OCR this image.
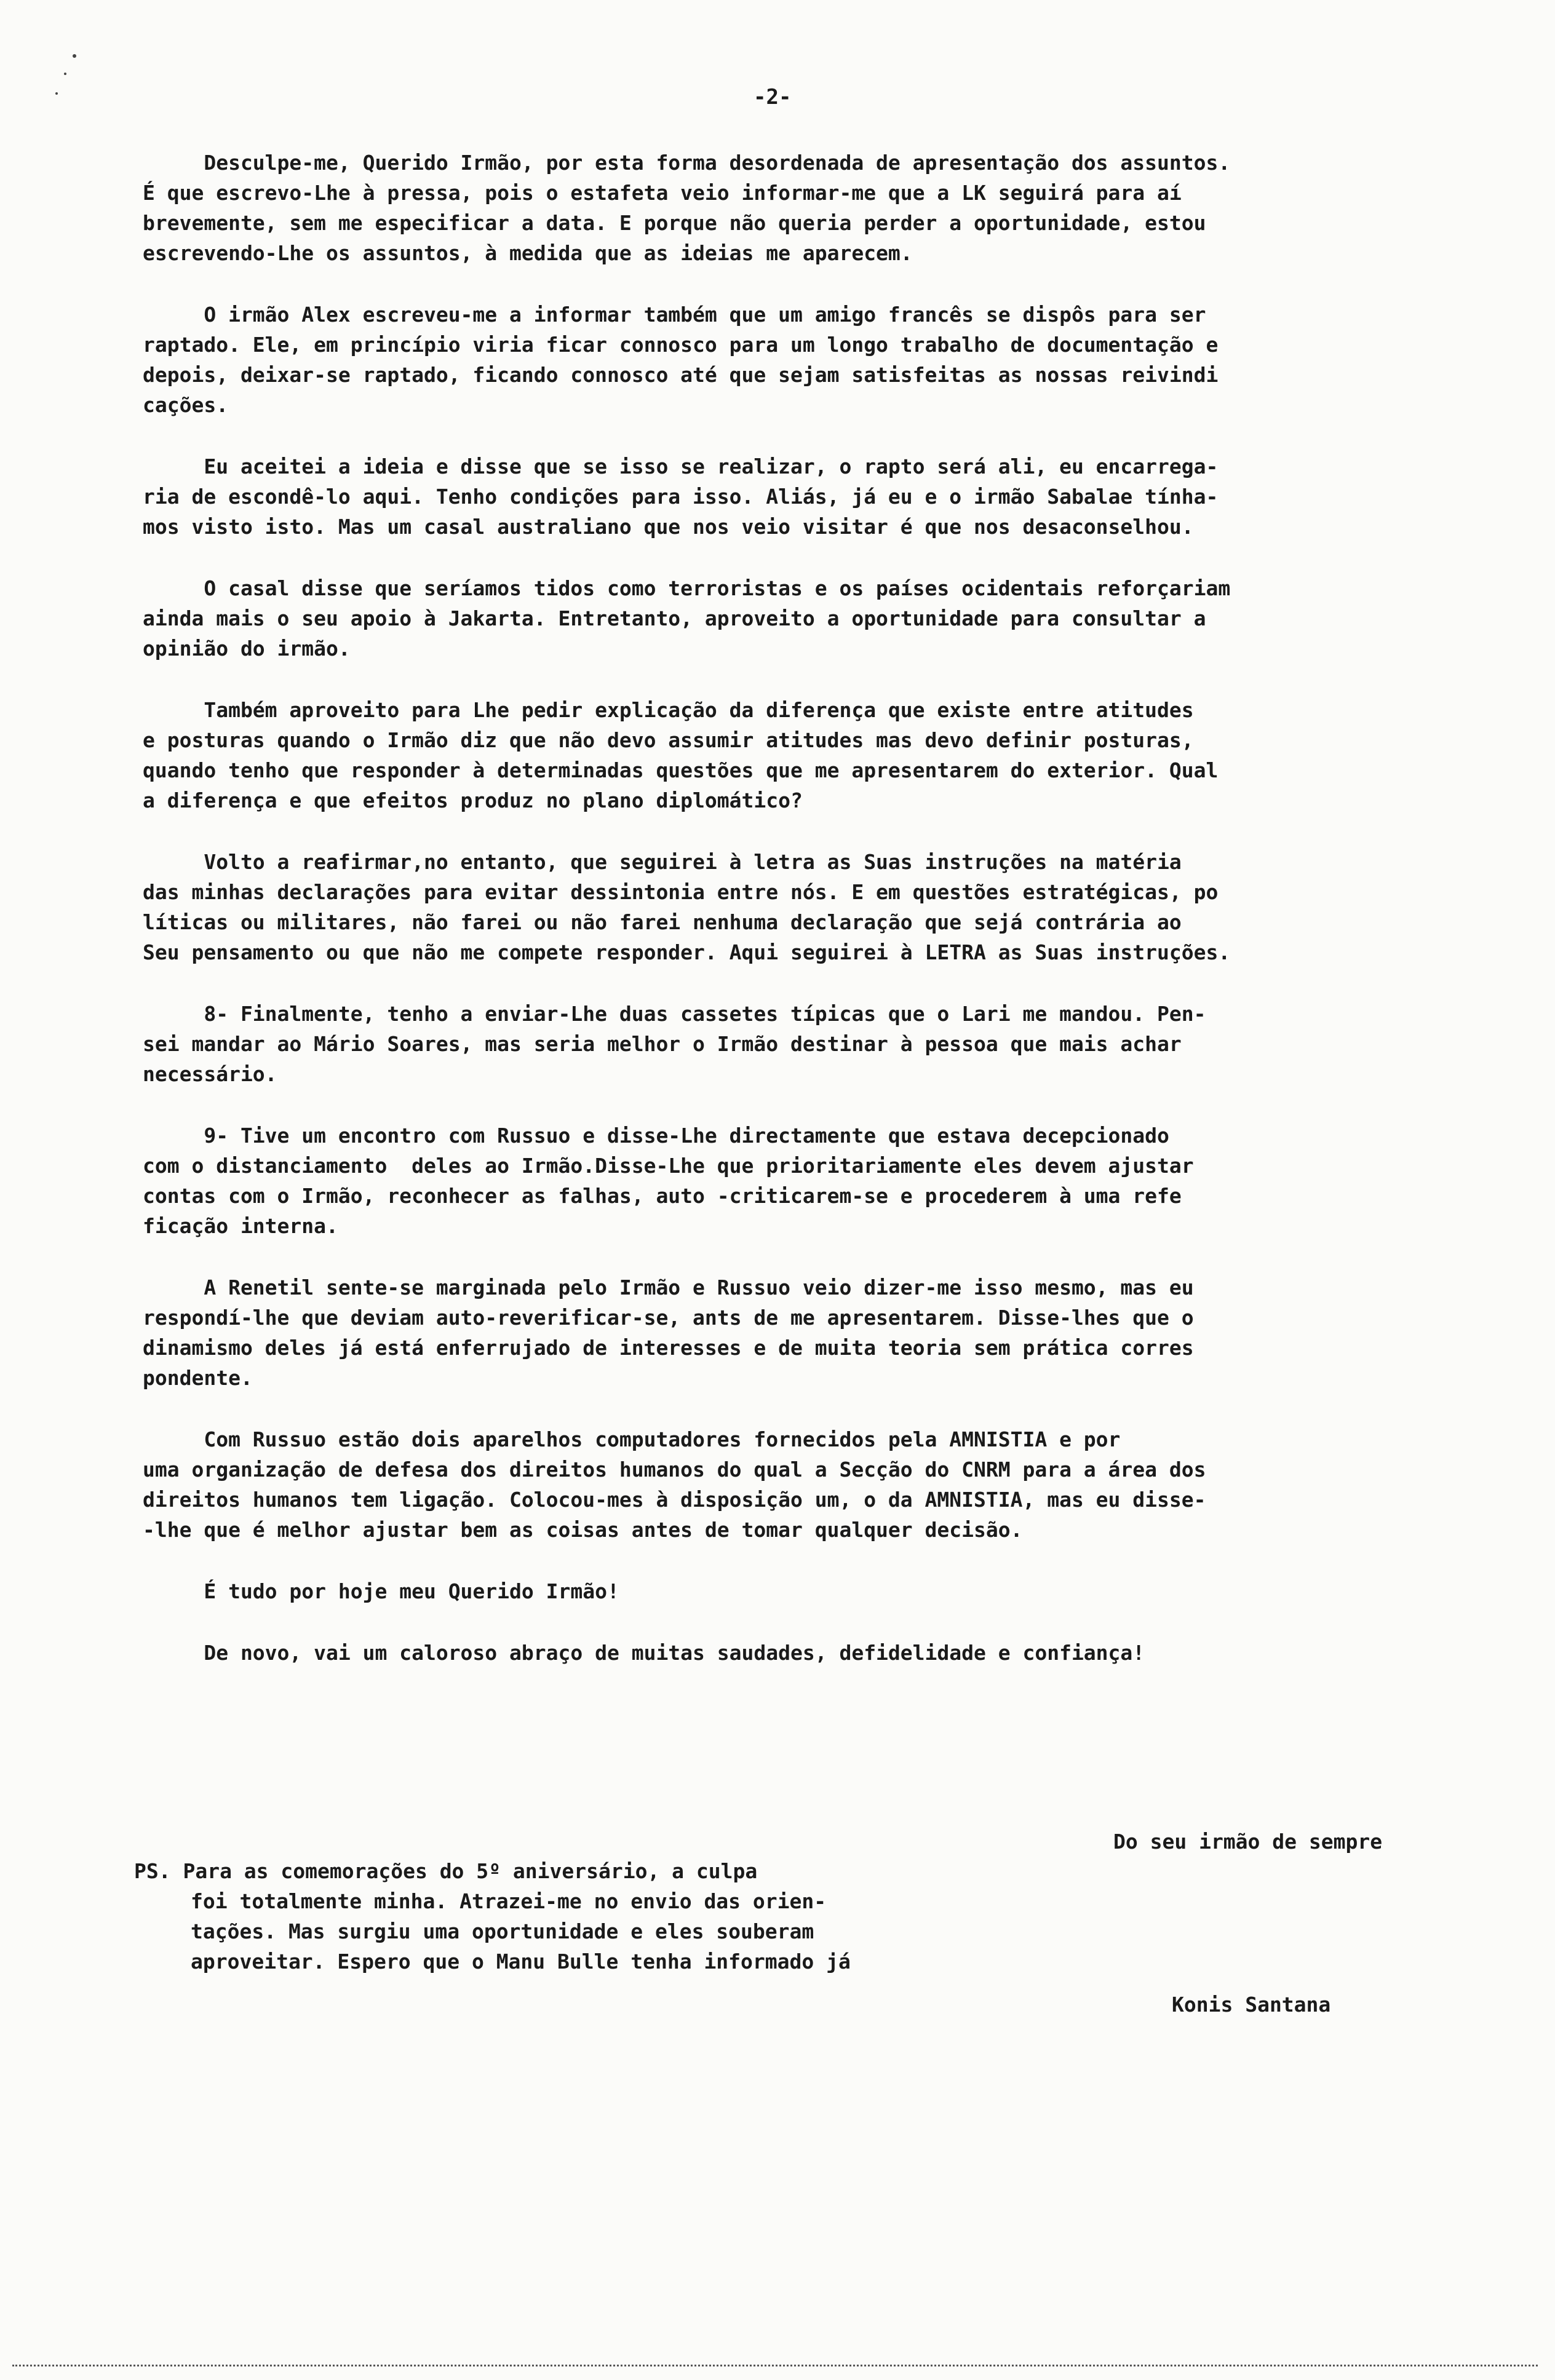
-2-
Desculpe-me, Querido Irmão, por esta forma desordenada de apresentação dos assuntos.
É que escrevo-Lhe à pressa, pois o estafeta veio informar-me que a LK seguirá para aí
brevemente, sem me especificar a data. E porque não queria perder a oportunidade, estou
escrevendo-Lhe os assuntos, à medida que as ideias me aparecem.
O irmão Alex escreveu-me a informar também que um amigo francês se dispôs para ser
raptado. Ele, em princípio viria ficar connosco para um longo trabalho de documentação e
depois, deixar-se raptado, ficando connosco até que sejam satisfeitas as nossas reivindi
cações.
Eu aceitei a ideia e disse que se isso se realizar, o rapto será ali, eu encarrega-
ria de escondê-lo aqui. Tenho condições para isso. Aliás, já eu e o irmão Sabalae tínha-
mos visto isto. Mas um casal australiano que nos veio visitar é que nos desaconselhou.
O casal disse que seríamos tidos como terroristas e os países ocidentais reforçariam
ainda mais o seu apoio à Jakarta. Entretanto, aproveito a oportunidade para consultar a
opinião do irmão.
Também aproveito para Lhe pedir explicação da diferença que existe entre atitudes
e posturas quando o Irmão diz que não devo assumir atitudes mas devo definir posturas,
quando tenho que responder à determinadas questões que me apresentarem do exterior. Qual
a diferença e que efeitos produz no plano diplomático?
Volto a reafirmar,no entanto, que seguirei à letra as Suas instruções na matéria
das minhas declarações para evitar dessintonia entre nós. E em questões estratégicas, po
líticas ou militares, não farei ou não farei nenhuma declaração que sejá contrária ao
Seu pensamento ou que não me compete responder. Aqui seguirei à LETRA as Suas instruções.
8- Finalmente, tenho a enviar-Lhe duas cassetes típicas que o Lari me mandou. Pen-
sei mandar ao Mário Soares, mas seria melhor o Irmão destinar à pessoa que mais achar
necessário.
9- Tive um encontro com Russuo e disse-Lhe directamente que estava decepcionado
com o distanciamento  deles ao Irmão.Disse-Lhe que prioritariamente eles devem ajustar
contas com o Irmão, reconhecer as falhas, auto -criticarem-se e procederem à uma refe
ficação interna.
A Renetil sente-se marginada pelo Irmão e Russuo veio dizer-me isso mesmo, mas eu
respondí-lhe que deviam auto-reverificar-se, ants de me apresentarem. Disse-lhes que o
dinamismo deles já está enferrujado de interesses e de muita teoria sem prática corres
pondente.
Com Russuo estão dois aparelhos computadores fornecidos pela AMNISTIA e por
uma organização de defesa dos direitos humanos do qual a Secção do CNRM para a área dos
direitos humanos tem ligação. Colocou-mes à disposição um, o da AMNISTIA, mas eu disse-
-lhe que é melhor ajustar bem as coisas antes de tomar qualquer decisão.
É tudo por hoje meu Querido Irmão!
De novo, vai um caloroso abraço de muitas saudades, defidelidade e confiança!
Do seu irmão de sempre
PS. Para as comemorações do 5º aniversário, a culpa
foi totalmente minha. Atrazei-me no envio das orien-
tações. Mas surgiu uma oportunidade e eles souberam
aproveitar. Espero que o Manu Bulle tenha informado já
Konis Santana
